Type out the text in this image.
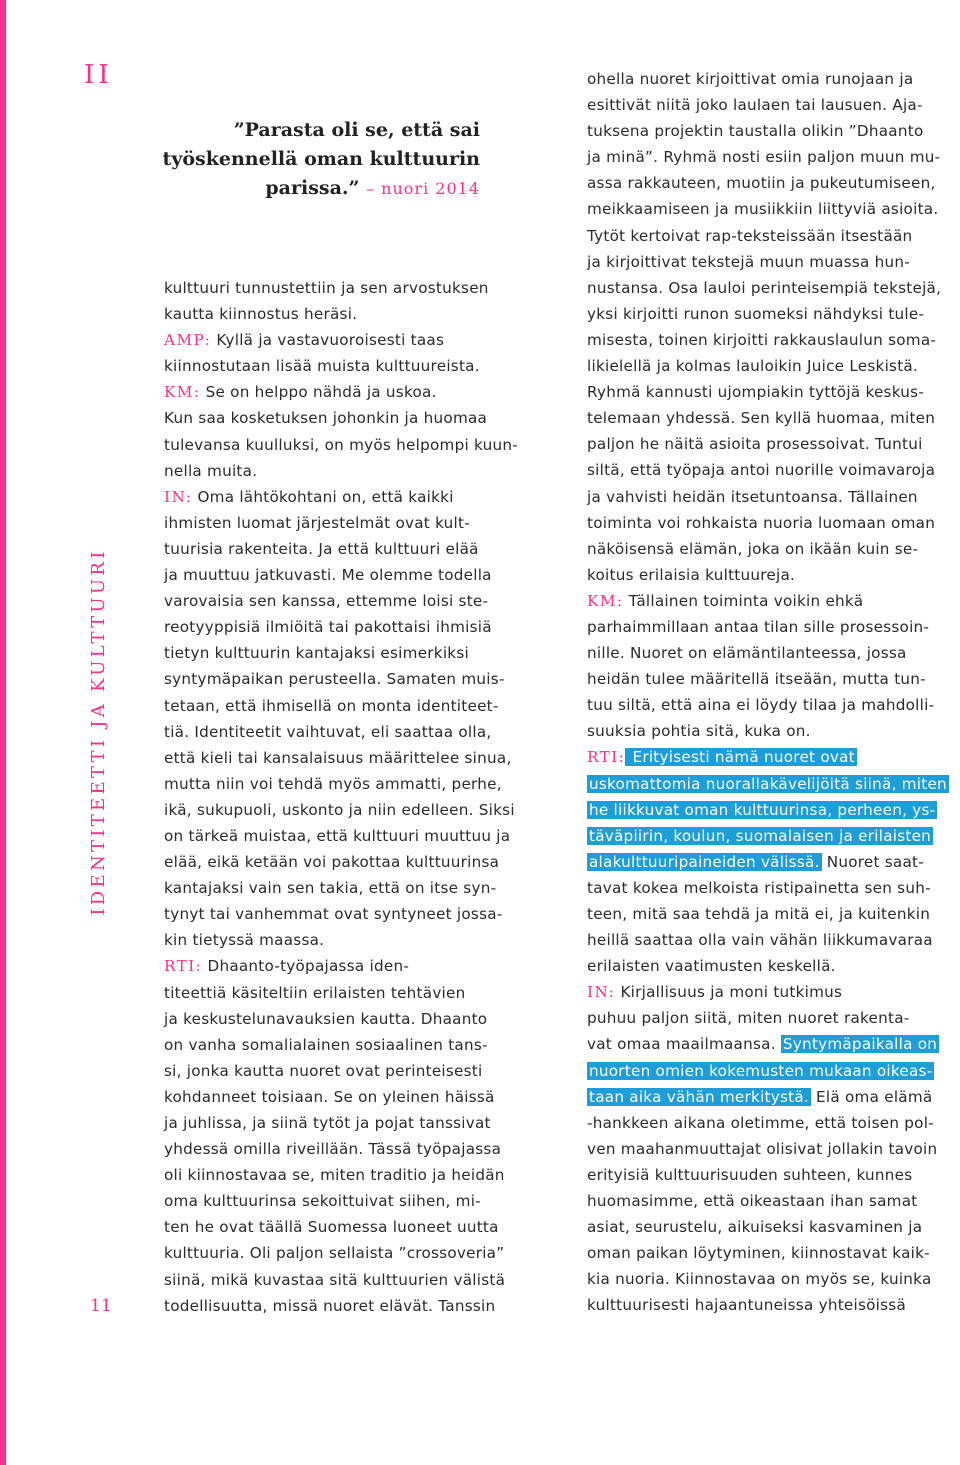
II
IDENTITEETTI JA KULTTUURI
11
”Parasta oli se, että sai
työskennellä oman kulttuurin
parissa.” – nuori 2014
kulttuuri tunnustettiin ja sen arvostuksen
kautta kiinnostus heräsi.
AMP: Kyllä ja vastavuoroisesti taas
kiinnostutaan lisää muista kulttuureista.
KM: Se on helppo nähdä ja uskoa.
Kun saa kosketuksen johonkin ja huomaa
tulevansa kuulluksi, on myös helpompi kuun-
nella muita.
IN: Oma lähtökohtani on, että kaikki
ihmisten luomat järjestelmät ovat kult-
tuurisia rakenteita. Ja että kulttuuri elää
ja muuttuu jatkuvasti. Me olemme todella
varovaisia sen kanssa, ettemme loisi ste-
reotyyppisiä ilmiöitä tai pakottaisi ihmisiä
tietyn kulttuurin kantajaksi esimerkiksi
syntymäpaikan perusteella. Samaten muis-
tetaan, että ihmisellä on monta identiteet-
tiä. Identiteetit vaihtuvat, eli saattaa olla,
että kieli tai kansalaisuus määrittelee sinua,
mutta niin voi tehdä myös ammatti, perhe,
ikä, sukupuoli, uskonto ja niin edelleen. Siksi
on tärkeä muistaa, että kulttuuri muuttuu ja
elää, eikä ketään voi pakottaa kulttuurinsa
kantajaksi vain sen takia, että on itse syn-
tynyt tai vanhemmat ovat syntyneet jossa-
kin tietyssä maassa.
RTI: Dhaanto-työpajassa iden-
titeettiä käsiteltiin erilaisten tehtävien
ja keskustelunavauksien kautta. Dhaanto
on vanha somalialainen sosiaalinen tans-
si, jonka kautta nuoret ovat perinteisesti
kohdanneet toisiaan. Se on yleinen häissä
ja juhlissa, ja siinä tytöt ja pojat tanssivat
yhdessä omilla riveillään. Tässä työpajassa
oli kiinnostavaa se, miten traditio ja heidän
oma kulttuurinsa sekoittuivat siihen, mi-
ten he ovat täällä Suomessa luoneet uutta
kulttuuria. Oli paljon sellaista ”crossoveria”
siinä, mikä kuvastaa sitä kulttuurien välistä
todellisuutta, missä nuoret elävät. Tanssin
ohella nuoret kirjoittivat omia runojaan ja
esittivät niitä joko laulaen tai lausuen. Aja-
tuksena projektin taustalla olikin ”Dhaanto
ja minä”. Ryhmä nosti esiin paljon muun mu-
assa rakkauteen, muotiin ja pukeutumiseen,
meikkaamiseen ja musiikkiin liittyviä asioita.
Tytöt kertoivat rap-teksteissään itsestään
ja kirjoittivat tekstejä muun muassa hun-
nustansa. Osa lauloi perinteisempiä tekstejä,
yksi kirjoitti runon suomeksi nähdyksi tule-
misesta, toinen kirjoitti rakkauslaulun soma-
likielellä ja kolmas lauloikin Juice Leskistä.
Ryhmä kannusti ujompiakin tyttöjä keskus-
telemaan yhdessä. Sen kyllä huomaa, miten
paljon he näitä asioita prosessoivat. Tuntui
siltä, että työpaja antoi nuorille voimavaroja
ja vahvisti heidän itsetuntoansa. Tällainen
toiminta voi rohkaista nuoria luomaan oman
näköisensä elämän, joka on ikään kuin se-
koitus erilaisia kulttuureja.
KM: Tällainen toiminta voikin ehkä
parhaimmillaan antaa tilan sille prosessoin-
nille. Nuoret on elämäntilanteessa, jossa
heidän tulee määritellä itseään, mutta tun-
tuu siltä, että aina ei löydy tilaa ja mahdolli-
suuksia pohtia sitä, kuka on.
RTI: Erityisesti nämä nuoret ovat
uskomattomia nuorallakävelijöitä siinä, miten
he liikkuvat oman kulttuurinsa, perheen, ys-
täväpiirin, koulun, suomalaisen ja erilaisten
alakulttuuripaineiden välissä. Nuoret saat-
tavat kokea melkoista ristipainetta sen suh-
teen, mitä saa tehdä ja mitä ei, ja kuitenkin
heillä saattaa olla vain vähän liikkumavaraa
erilaisten vaatimusten keskellä.
IN: Kirjallisuus ja moni tutkimus
puhuu paljon siitä, miten nuoret rakenta-
vat omaa maailmaansa. Syntymäpaikalla on
nuorten omien kokemusten mukaan oikeas-
taan aika vähän merkitystä. Elä oma elämä
-hankkeen aikana oletimme, että toisen pol-
ven maahanmuuttajat olisivat jollakin tavoin
erityisiä kulttuurisuuden suhteen, kunnes
huomasimme, että oikeastaan ihan samat
asiat, seurustelu, aikuiseksi kasvaminen ja
oman paikan löytyminen, kiinnostavat kaik-
kia nuoria. Kiinnostavaa on myös se, kuinka
kulttuurisesti hajaantuneissa yhteisöissä
